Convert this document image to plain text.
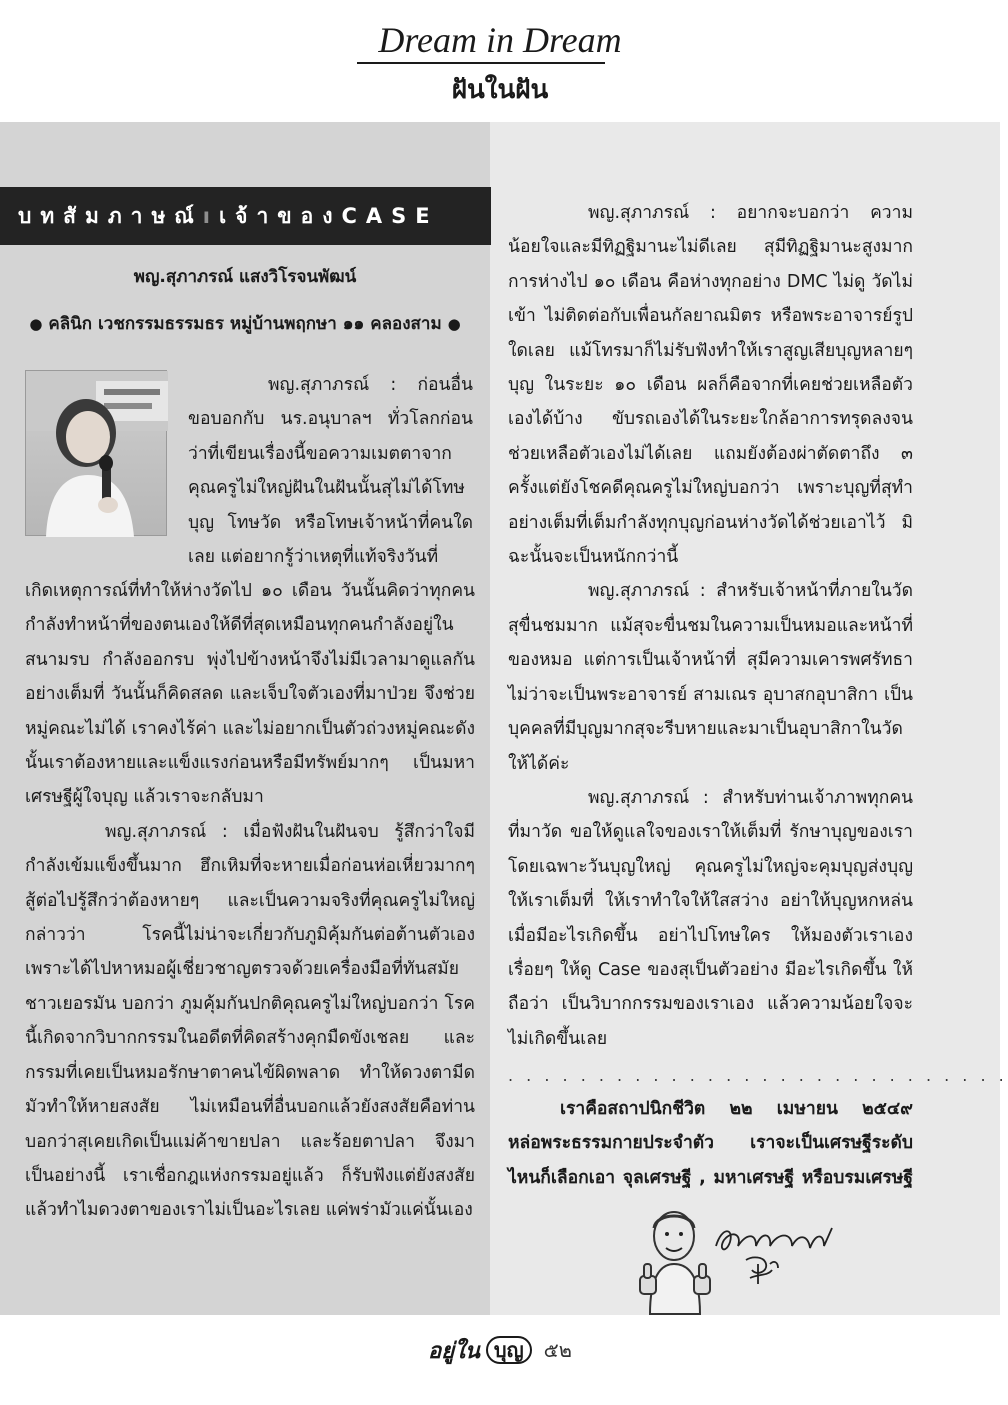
Dream in Dream
ฝันในฝัน
บทสัมภาษณ์ ı เจ้าของ CASE
พญ.สุภาภรณ์ แสงวิโรจนพัฒน์
● คลินิก เวชกรรมธรรมธร หมู่บ้านพฤกษา ๑๑ คลองสาม ●

พญ.สุภาภรณ์ : ก่อนอื่นขอบอกกับ นร.อนุบาลฯ ทั่วโลกก่อนว่าที่เขียนเรื่องนี้ขอความเมตตาจากคุณครูไม่ใหญ่ฝันในฝันนั้นสุไม่ได้โทษบุญ โทษวัด หรือโทษเจ้าหน้าที่คนใดเลย แต่อยากรู้ว่าเหตุที่แท้จริงวันที่

เกิดเหตุการณ์ที่ทำให้ห่างวัดไป ๑๐ เดือน วันนั้นคิดว่าทุกคนกำลังทำหน้าที่ของตนเองให้ดีที่สุดเหมือนทุกคนกำลังอยู่ในสนามรบ กำลังออกรบ พุ่งไปข้างหน้าจึงไม่มีเวลามาดูแลกันอย่างเต็มที่ วันนั้นก็คิดสลด และเจ็บใจตัวเองที่มาป่วย จึงช่วยหมู่คณะไม่ได้ เราคงไร้ค่า และไม่อยากเป็นตัวถ่วงหมู่คณะดังนั้นเราต้องหายและแข็งแรงก่อนหรือมีทรัพย์มากๆ เป็นมหาเศรษฐีผู้ใจบุญ แล้วเราจะกลับมา

พญ.สุภาภรณ์ : เมื่อฟังฝันในฝันจบ รู้สึกว่าใจมีกำลังเข้มแข็งขึ้นมาก ฮึกเหิมที่จะหายเมื่อก่อนห่อเหี่ยวมากๆ สู้ต่อไปรู้สึกว่าต้องหายๆ และเป็นความจริงที่คุณครูไม่ใหญ่กล่าวว่า โรคนี้ไม่น่าจะเกี่ยวกับภูมิคุ้มกันต่อต้านตัวเอง เพราะได้ไปหาหมอผู้เชี่ยวชาญตรวจด้วยเครื่องมือที่ทันสมัยชาวเยอรมัน บอกว่า ภูมคุ้มกันปกติคุณครูไม่ใหญ่บอกว่า โรคนี้เกิดจากวิบากกรรมในอดีตที่คิดสร้างคุกมืดขังเชลย และกรรมที่เคยเป็นหมอรักษาตาคนไข้ผิดพลาด ทำให้ดวงตามีดมัวทำให้หายสงสัย ไม่เหมือนที่อื่นบอกแล้วยังสงสัยคือท่านบอกว่าสุเคยเกิดเป็นแม่ค้าขายปลา และร้อยตาปลา จึงมาเป็นอย่างนี้ เราเชื่อกฎแห่งกรรมอยู่แล้ว ก็รับฟังแต่ยังสงสัย แล้วทำไมดวงตาของเราไม่เป็นอะไรเลย แค่พร่ามัวแค่นั้นเอง

พญ.สุภาภรณ์ : อยากจะบอกว่า ความน้อยใจและมีทิฏฐิมานะไม่ดีเลย สุมีทิฏฐิมานะสูงมาก การห่างไป ๑๐ เดือน คือห่างทุกอย่าง DMC ไม่ดู วัดไม่เข้า ไม่ติดต่อกับเพื่อนกัลยาณมิตร หรือพระอาจารย์รูปใดเลย แม้โทรมาก็ไม่รับฟังทำให้เราสูญเสียบุญหลายๆ บุญ ในระยะ ๑๐ เดือน ผลก็คือจากที่เคยช่วยเหลือตัวเองได้บ้าง ขับรถเองได้ในระยะใกล้อาการทรุดลงจนช่วยเหลือตัวเองไม่ได้เลย แถมยังต้องผ่าตัดตาถึง ๓ ครั้งแต่ยังโชคดีคุณครูไม่ใหญ่บอกว่า เพราะบุญที่สุทำอย่างเต็มที่เต็มกำลังทุกบุญก่อนห่างวัดได้ช่วยเอาไว้ มิฉะนั้นจะเป็นหนักกว่านี้

พญ.สุภาภรณ์ : สำหรับเจ้าหน้าที่ภายในวัดสุขื่นชมมาก แม้สุจะขื่นชมในความเป็นหมอและหน้าที่ของหมอ แต่การเป็นเจ้าหน้าที่ สุมีความเคารพศรัทธา ไม่ว่าจะเป็นพระอาจารย์ สามเณร อุบาสกอุบาสิกา เป็นบุคคลที่มีบุญมากสุจะรีบหายและมาเป็นอุบาสิกาในวัดให้ได้ค่ะ

พญ.สุภาภรณ์ : สำหรับท่านเจ้าภาพทุกคนที่มาวัด ขอให้ดูแลใจของเราให้เต็มที่ รักษาบุญของเราโดยเฉพาะวันบุญใหญ่ คุณครูไม่ใหญ่จะคุมบุญส่งบุญให้เราเต็มที่ ให้เราทำใจให้ใสสว่าง อย่าให้บุญหกหล่น เมื่อมีอะไรเกิดขึ้น อย่าไปโทษใคร ให้มองตัวเราเองเรื่อยๆ ให้ดู Case ของสุเป็นตัวอย่าง มีอะไรเกิดขึ้น ให้ถือว่า เป็นวิบากกรรมของเราเอง แล้วความน้อยใจจะไม่เกิดขึ้นเลย

. . . . . . . . . . . . . . . . . . . . . . . . . . . .

เราคือสถาปนิกชีวิต ๒๒ เมษายน ๒๕๔๙

หล่อพระธรรมกายประจำตัว เราจะเป็นเศรษฐีระดับ

ไหนก็เลือกเอา จุลเศรษฐี , มหาเศรษฐี หรือบรมเศรษฐี

อยู่ใน บุญ	๕๒
